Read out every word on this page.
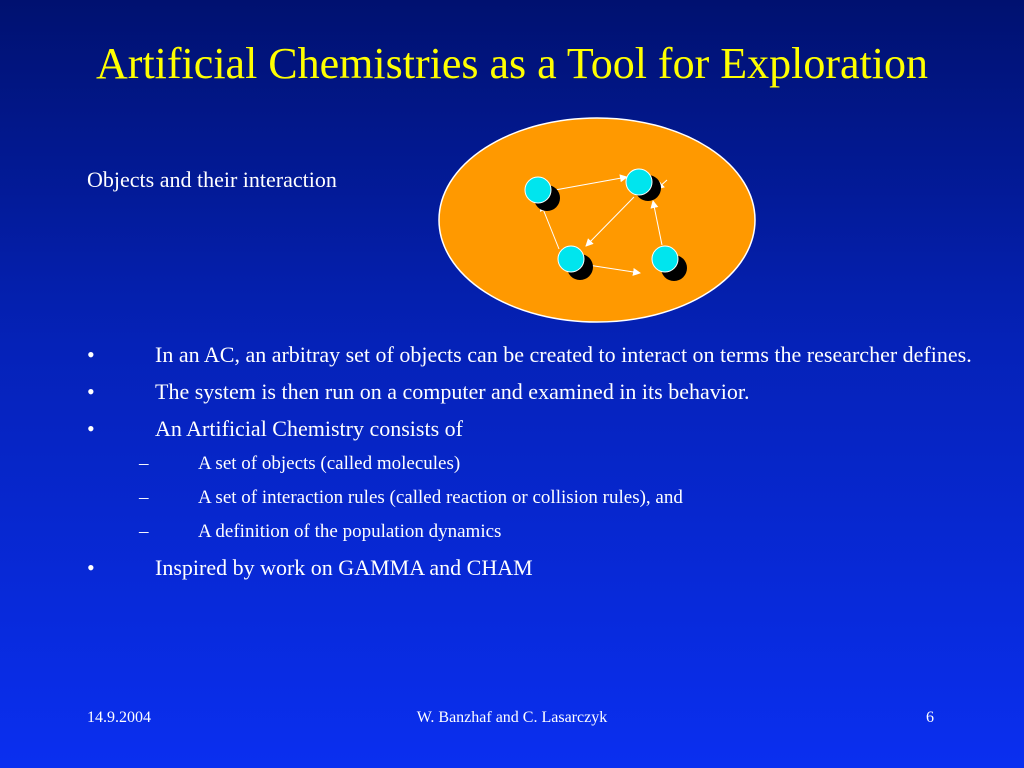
Artificial Chemistries as a Tool for Exploration
Objects and their interaction
•	In an AC, an arbitray set of objects can be created to interact on terms the researcher defines.
•	The system is then run on a computer and examined in its behavior.
•	An Artificial Chemistry consists of
–	A set of objects (called molecules)
–	A set of interaction rules (called reaction or collision rules), and
–	A definition of the population dynamics
•	Inspired by work on GAMMA and CHAM
14.9.2004	W. Banzhaf and C. Lasarczyk	6
